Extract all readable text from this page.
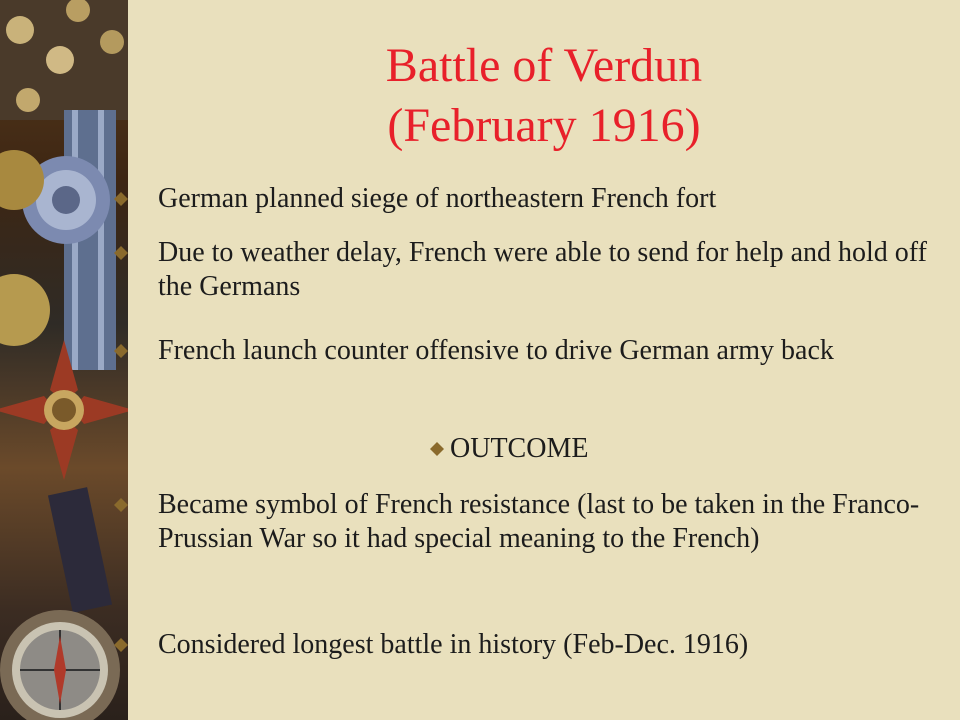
Battle of Verdun
(February 1916)
German planned siege of northeastern French fort
Due to weather delay, French were able to send for help and hold off the Germans
French launch counter offensive to drive German army back
OUTCOME
Became symbol of French resistance (last to be taken in the Franco-Prussian War so it had special meaning to the French)
Considered longest battle in history (Feb-Dec. 1916)
